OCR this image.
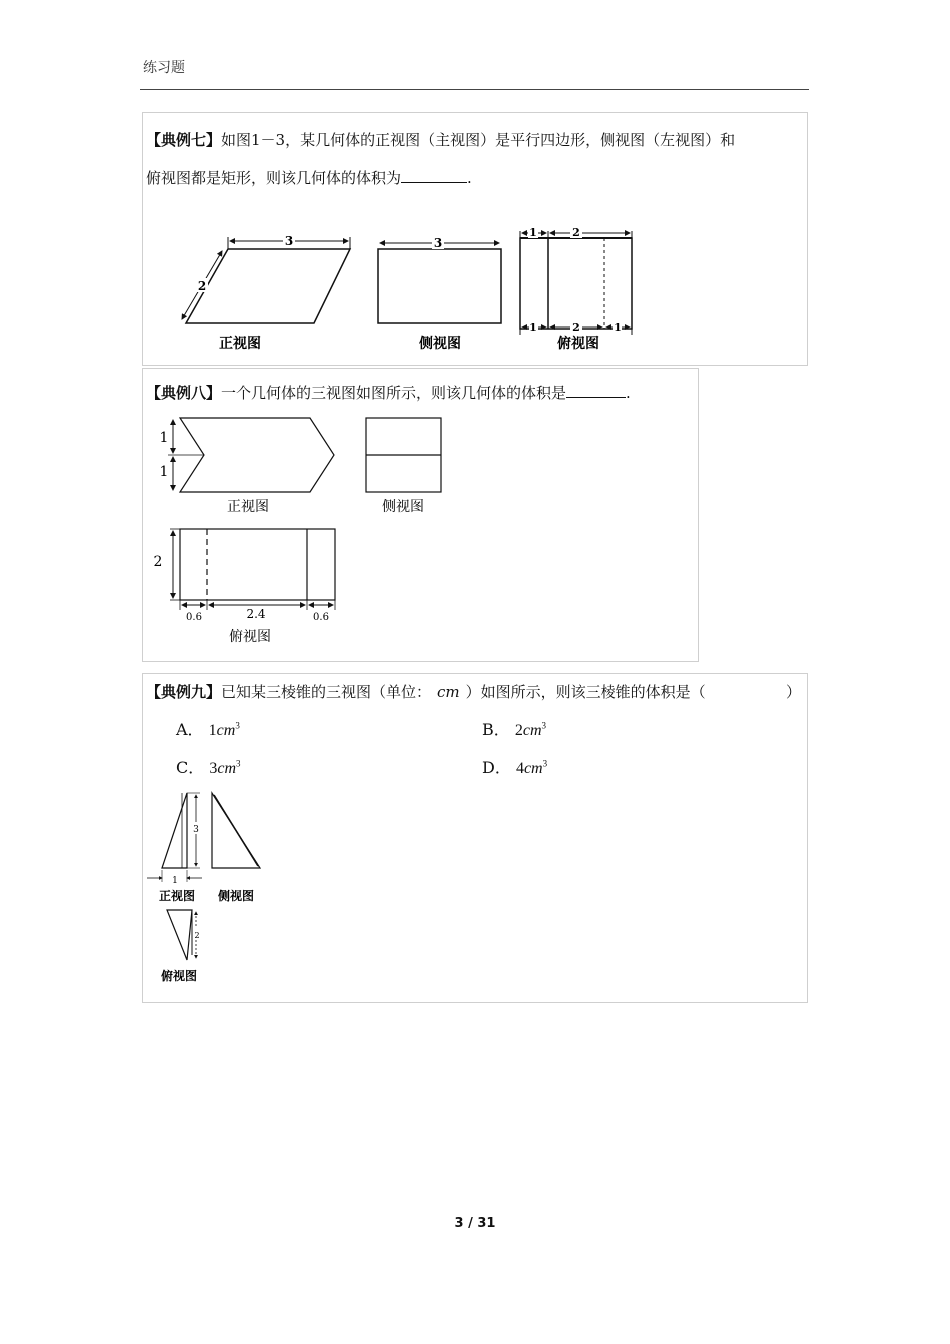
练习题
【典例七】如图1－3，某几何体的正视图（主视图）是平行四边形，侧视图（左视图）和
俯视图都是矩形，则该几何体的体积为	.
3
2
正视图
3
侧视图
1	2
1	2	1
俯视图
【典例八】一个几何体的三视图如图所示，则该几何体的体积是	.
1
1
正视图	侧视图
2
0.6	2.4	0.6
俯视图
【典例九】已知某三棱锥的三视图（单位： cm ）如图所示，则该三棱锥的体积是（	）
A． $1cm^3$	B． $2cm^3$
C． $3cm^3$	D． $4cm^3$
3
1
正视图 侧视图
2
俯视图
3 / 31
